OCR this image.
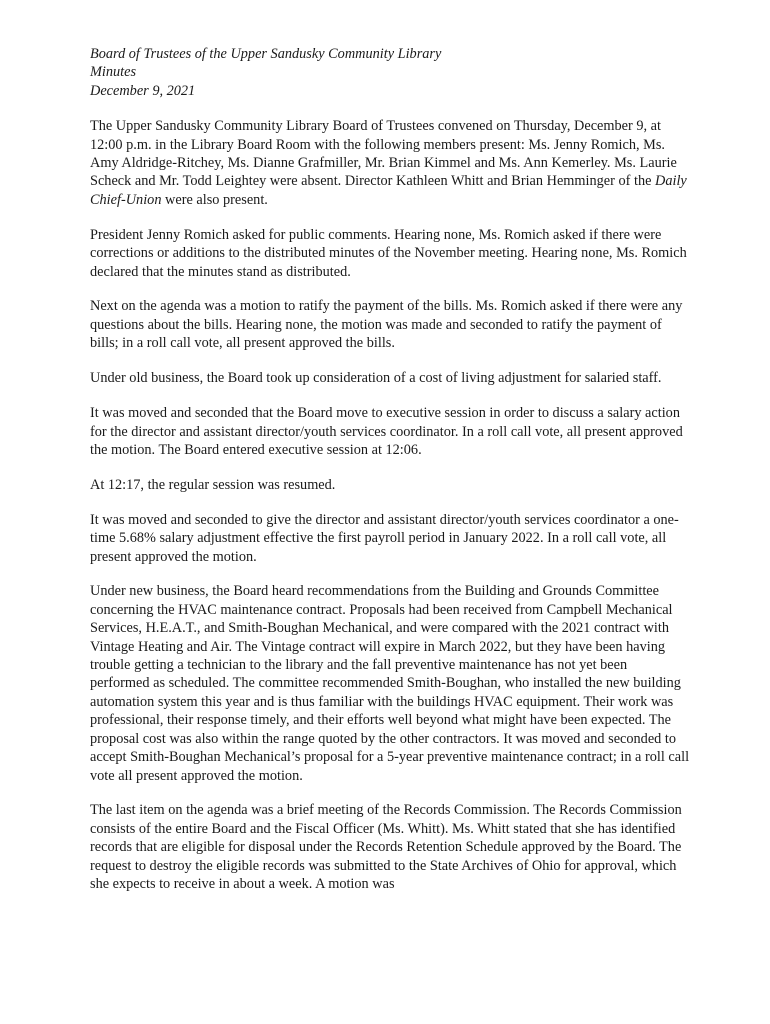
Board of Trustees of the Upper Sandusky Community Library

Minutes

December 9, 2021

The Upper Sandusky Community Library Board of Trustees convened on Thursday, December 9, at 12:00 p.m. in the Library Board Room with the following members present: Ms. Jenny Romich, Ms. Amy Aldridge-Ritchey, Ms. Dianne Grafmiller, Mr. Brian Kimmel and Ms. Ann Kemerley. Ms. Laurie Scheck and Mr. Todd Leightey were absent. Director Kathleen Whitt and Brian Hemminger of the Daily Chief-Union were also present.

President Jenny Romich asked for public comments. Hearing none, Ms. Romich asked if there were corrections or additions to the distributed minutes of the November meeting. Hearing none, Ms. Romich declared that the minutes stand as distributed.

Next on the agenda was a motion to ratify the payment of the bills. Ms. Romich asked if there were any questions about the bills. Hearing none, the motion was made and seconded to ratify the payment of bills; in a roll call vote, all present approved the bills.

Under old business, the Board took up consideration of a cost of living adjustment for salaried staff.

It was moved and seconded that the Board move to executive session in order to discuss a salary action for the director and assistant director/youth services coordinator. In a roll call vote, all present approved the motion. The Board entered executive session at 12:06.

At 12:17, the regular session was resumed.

It was moved and seconded to give the director and assistant director/youth services coordinator a one-time 5.68% salary adjustment effective the first payroll period in January 2022. In a roll call vote, all present approved the motion.

Under new business, the Board heard recommendations from the Building and Grounds Committee concerning the HVAC maintenance contract. Proposals had been received from Campbell Mechanical Services, H.E.A.T., and Smith-Boughan Mechanical, and were compared with the 2021 contract with Vintage Heating and Air. The Vintage contract will expire in March 2022, but they have been having trouble getting a technician to the library and the fall preventive maintenance has not yet been performed as scheduled. The committee recommended Smith-Boughan, who installed the new building automation system this year and is thus familiar with the buildings HVAC equipment. Their work was professional, their response timely, and their efforts well beyond what might have been expected. The proposal cost was also within the range quoted by the other contractors. It was moved and seconded to accept Smith-Boughan Mechanical’s proposal for a 5-year preventive maintenance contract; in a roll call vote all present approved the motion.

The last item on the agenda was a brief meeting of the Records Commission. The Records Commission consists of the entire Board and the Fiscal Officer (Ms. Whitt). Ms. Whitt stated that she has identified records that are eligible for disposal under the Records Retention Schedule approved by the Board. The request to destroy the eligible records was submitted to the State Archives of Ohio for approval, which she expects to receive in about a week. A motion was
